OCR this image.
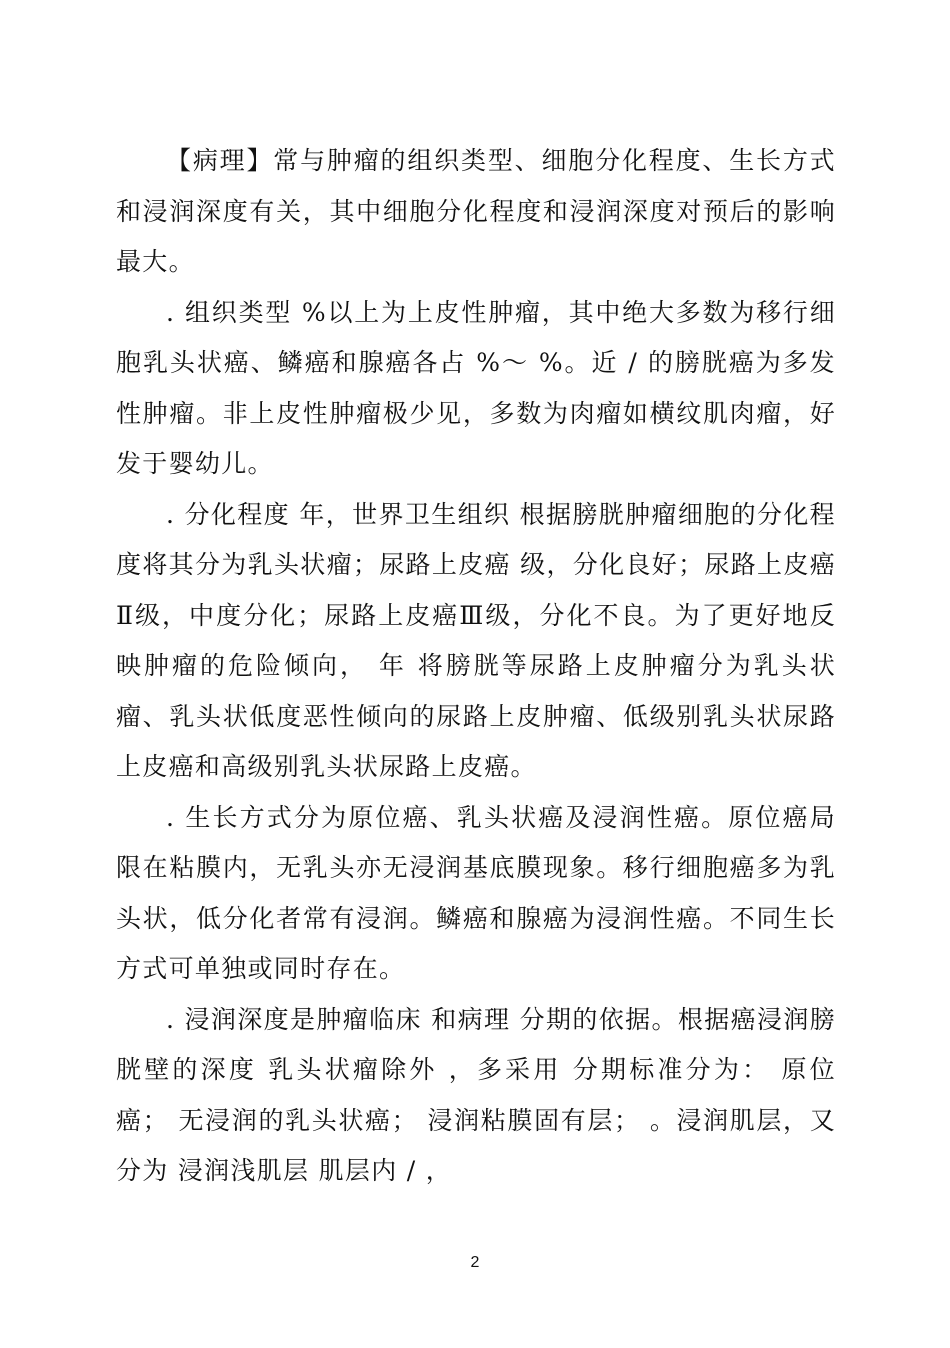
【病理】常与肿瘤的组织类型、细胞分化程度、生长方式和浸润深度有关，其中细胞分化程度和浸润深度对预后的影响最大。

. 组织类型 %以上为上皮性肿瘤，其中绝大多数为移行细胞乳头状癌、鳞癌和腺癌各占 %～ %。近 / 的膀胱癌为多发性肿瘤。非上皮性肿瘤极少见，多数为肉瘤如横纹肌肉瘤，好发于婴幼儿。

. 分化程度 年，世界卫生组织 根据膀胱肿瘤细胞的分化程度将其分为乳头状瘤；尿路上皮癌 级，分化良好；尿路上皮癌Ⅱ级，中度分化；尿路上皮癌Ⅲ级，分化不良。为了更好地反映肿瘤的危险倾向， 年 将膀胱等尿路上皮肿瘤分为乳头状瘤、乳头状低度恶性倾向的尿路上皮肿瘤、低级别乳头状尿路上皮癌和高级别乳头状尿路上皮癌。

. 生长方式分为原位癌、乳头状癌及浸润性癌。原位癌局限在粘膜内，无乳头亦无浸润基底膜现象。移行细胞癌多为乳头状，低分化者常有浸润。鳞癌和腺癌为浸润性癌。不同生长方式可单独或同时存在。

. 浸润深度是肿瘤临床 和病理 分期的依据。根据癌浸润膀胱壁的深度 乳头状瘤除外 ，多采用 分期标准分为： 原位癌； 无浸润的乳头状癌； 浸润粘膜固有层； 。浸润肌层，又分为 浸润浅肌层 肌层内 / ，

2
